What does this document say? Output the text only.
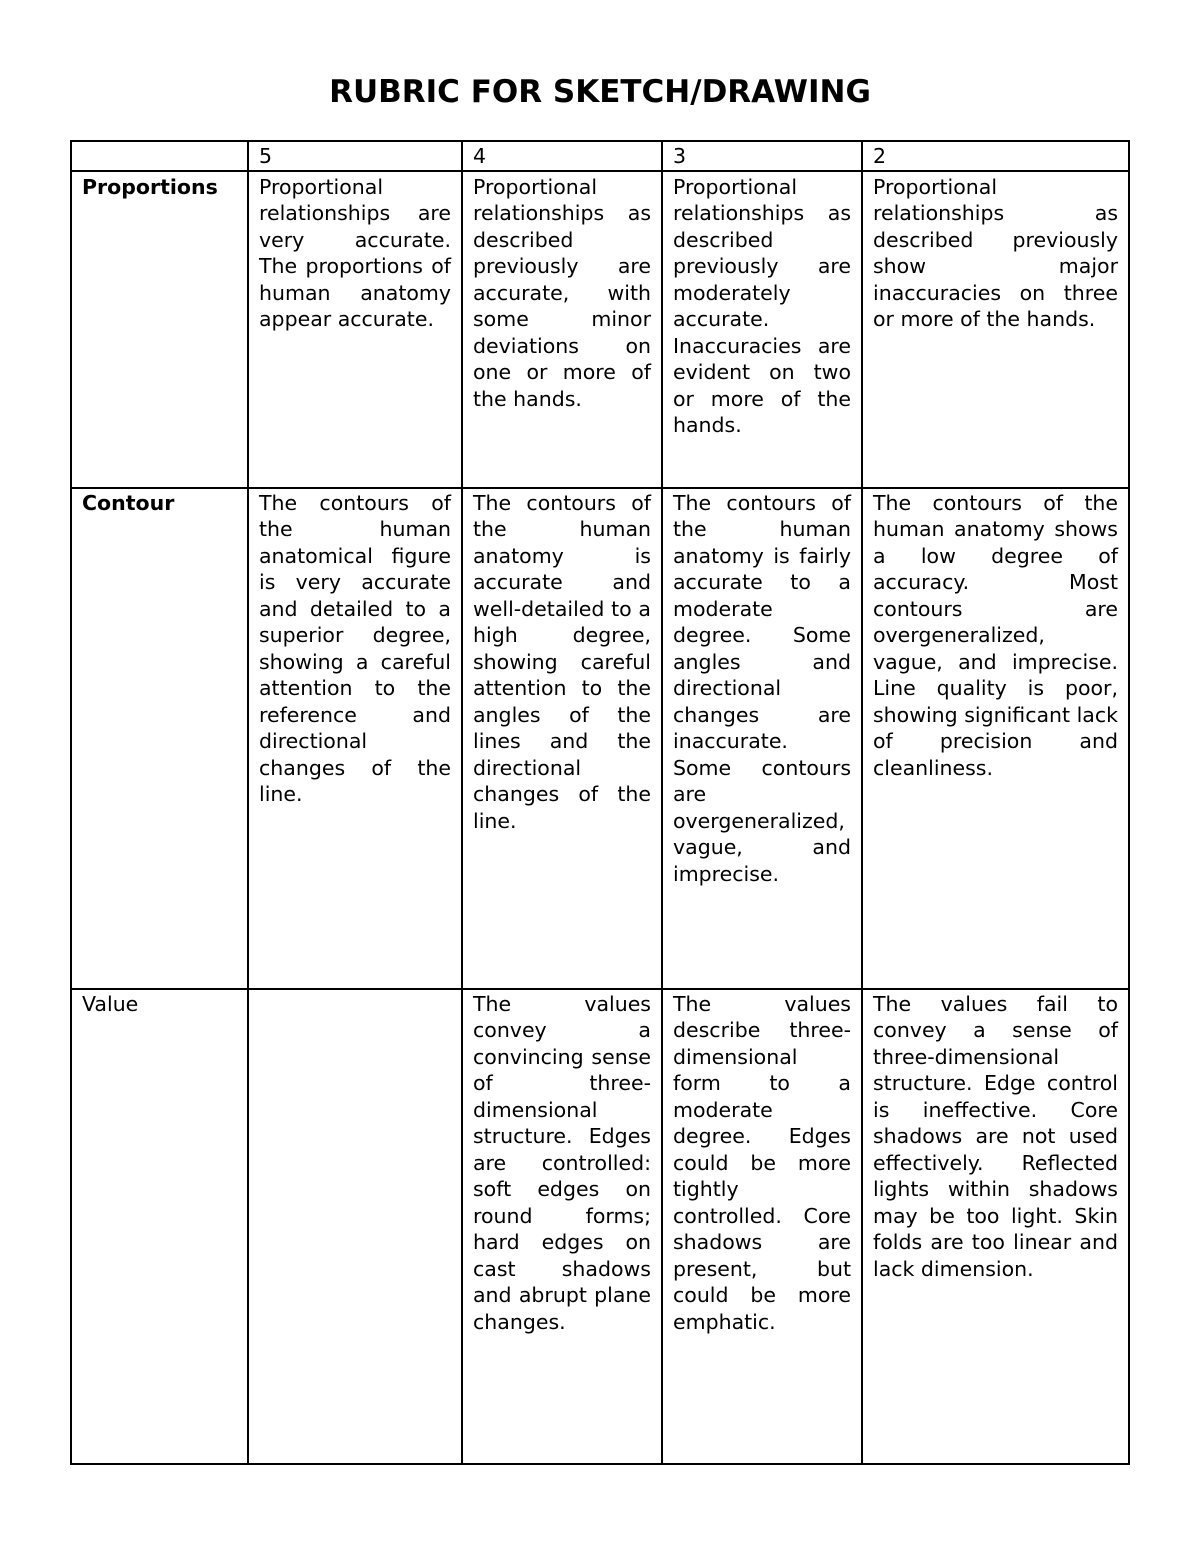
RUBRIC FOR SKETCH/DRAWING
	5	4	3	2
Proportions	Proportional relationships are very accurate. The proportions of human anatomy appear accurate.	Proportional relationships as described previously are accurate, with some minor deviations on one or more of the hands.	Proportional relationships as described previously are moderately accurate. Inaccuracies are evident on two or more of the hands.	Proportional relationships as described previously show major inaccuracies on three or more of the hands.
Contour	The contours of the human anatomical figure is very accurate and detailed to a superior degree, showing a careful attention to the reference and directional changes of the line.	The contours of the human anatomy is accurate and well-detailed to a high degree, showing careful attention to the angles of the lines and the directional changes of the line.	The contours of the human anatomy is fairly accurate to a moderate degree. Some angles and directional changes are inaccurate. Some contours are overgeneralized, vague, and imprecise.	The contours of the human anatomy shows a low degree of accuracy. Most contours are overgeneralized, vague, and imprecise. Line quality is poor, showing significant lack of precision and cleanliness.
Value		The values convey a convincing sense of three-dimensional structure. Edges are controlled: soft edges on round forms; hard edges on cast shadows and abrupt plane changes.	The values describe three-dimensional form to a moderate degree. Edges could be more tightly controlled. Core shadows are present, but could be more emphatic.	The values fail to convey a sense of three-dimensional structure. Edge control is ineffective. Core shadows are not used effectively. Reflected lights within shadows may be too light. Skin folds are too linear and lack dimension.
